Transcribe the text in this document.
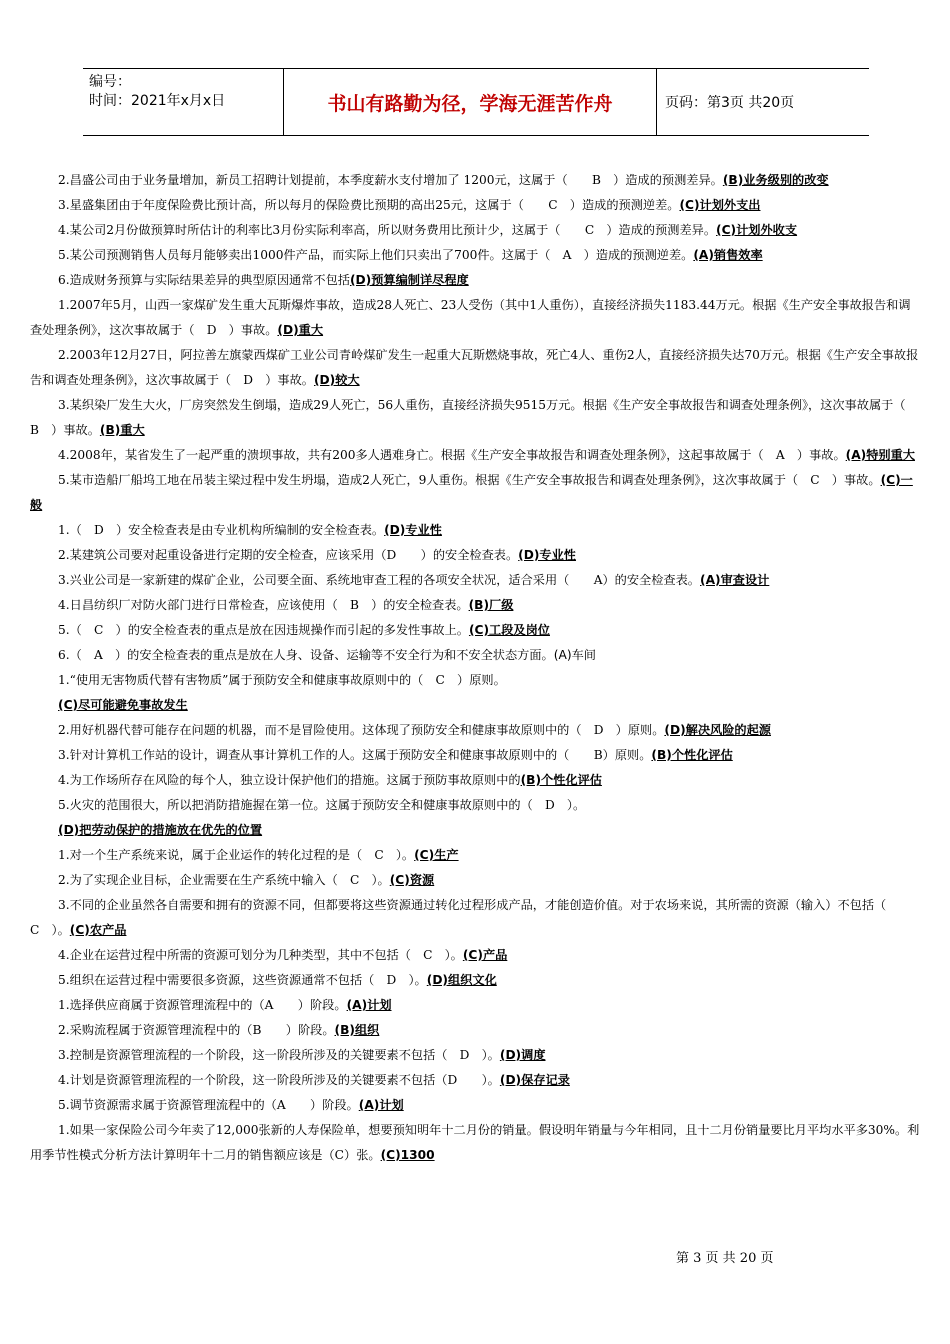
编号：
时间：2021年x月x日	书山有路勤为径，学海无涯苦作舟	页码：第3页 共20页

2.昌盛公司由于业务量增加，新员工招聘计划提前，本季度薪水支付增加了 1200元，这属于（　　B　）造成的预测差异。(B)业务级别的改变

3.星盛集团由于年度保险费比预计高，所以每月的保险费比预期的高出25元，这属于（　　C　）造成的预测逆差。(C)计划外支出

4.某公司2月份做预算时所估计的利率比3月份实际利率高，所以财务费用比预计少，这属于（　　C　）造成的预测差异。(C)计划外收支

5.某公司预测销售人员每月能够卖出1000件产品，而实际上他们只卖出了700件。这属于（　A　）造成的预测逆差。(A)销售效率

6.造成财务预算与实际结果差异的典型原因通常不包括(D)预算编制详尽程度

1.2007年5月，山西一家煤矿发生重大瓦斯爆炸事故，造成28人死亡、23人受伤（其中1人重伤），直接经济损失1183.44万元。根据《生产安全事故报告和调查处理条例》，这次事故属于（　D　）事故。(D)重大

2.2003年12月27日，阿拉善左旗蒙西煤矿工业公司青岭煤矿发生一起重大瓦斯燃烧事故，死亡4人、重伤2人，直接经济损失达70万元。根据《生产安全事故报告和调查处理条例》，这次事故属于（　D　）事故。(D)较大

3.某织染厂发生大火，厂房突然发生倒塌，造成29人死亡，56人重伤，直接经济损失9515万元。根据《生产安全事故报告和调查处理条例》，这次事故属于（　B　）事故。(B)重大

4.2008年，某省发生了一起严重的溃坝事故，共有200多人遇难身亡。根据《生产安全事故报告和调查处理条例》，这起事故属于（　A　）事故。(A)特别重大

5.某市造船厂船坞工地在吊装主梁过程中发生坍塌，造成2人死亡，9人重伤。根据《生产安全事故报告和调查处理条例》，这次事故属于（　C　）事故。(C)一般

1.（　D　）安全检查表是由专业机构所编制的安全检查表。(D)专业性

2.某建筑公司要对起重设备进行定期的安全检查，应该采用（D　　）的安全检查表。(D)专业性

3.兴业公司是一家新建的煤矿企业，公司要全面、系统地审查工程的各项安全状况，适合采用（　　A）的安全检查表。(A)审查设计

4.日昌纺织厂对防火部门进行日常检查，应该使用（　B　）的安全检查表。(B)厂级

5.（　C　）的安全检查表的重点是放在因违规操作而引起的多发性事故上。(C)工段及岗位

6.（　A　）的安全检查表的重点是放在人身、设备、运输等不安全行为和不安全状态方面。(A)车间

1.“使用无害物质代替有害物质”属于预防安全和健康事故原则中的（　C　）原则。

(C)尽可能避免事故发生

2.用好机器代替可能存在问题的机器，而不是冒险使用。这体现了预防安全和健康事故原则中的（　D　）原则。(D)解决风险的起源

3.针对计算机工作站的设计，调查从事计算机工作的人。这属于预防安全和健康事故原则中的（　　B）原则。(B)个性化评估

4.为工作场所存在风险的每个人，独立设计保护他们的措施。这属于预防事故原则中的(B)个性化评估

5.火灾的范围很大，所以把消防措施握在第一位。这属于预防安全和健康事故原则中的（　D　）。

(D)把劳动保护的措施放在优先的位置

1.对一个生产系统来说，属于企业运作的转化过程的是（　C　）。(C)生产

2.为了实现企业目标，企业需要在生产系统中输入（　C　）。(C)资源

3.不同的企业虽然各自需要和拥有的资源不同，但都要将这些资源通过转化过程形成产品，才能创造价值。对于农场来说，其所需的资源（输入）不包括（　C　）。(C)农产品

4.企业在运营过程中所需的资源可划分为几种类型，其中不包括（　C　）。(C)产品

5.组织在运营过程中需要很多资源，这些资源通常不包括（　D　）。(D)组织文化

1.选择供应商属于资源管理流程中的（A　　）阶段。(A)计划

2.采购流程属于资源管理流程中的（B　　）阶段。(B)组织

3.控制是资源管理流程的一个阶段，这一阶段所涉及的关键要素不包括（　D　）。(D)调度

4.计划是资源管理流程的一个阶段，这一阶段所涉及的关键要素不包括（D　　）。(D)保存记录

5.调节资源需求属于资源管理流程中的（A　　）阶段。(A)计划

1.如果一家保险公司今年卖了12,000张新的人寿保险单，想要预知明年十二月份的销量。假设明年销量与今年相同，且十二月份销量要比月平均水平多30%。利用季节性模式分析方法计算明年十二月的销售额应该是（C）张。(C)1300

第 3 页 共 20 页
